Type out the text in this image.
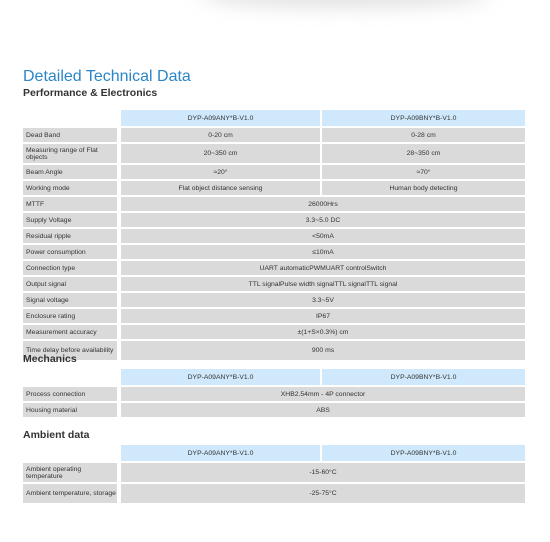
Detailed Technical Data
Performance & Electronics
DYP-A09ANY*B-V1.0	DYP-A09BNY*B-V1.0
Dead Band	0-20 cm	0-28 cm
Measuring range of Flat objects	20~350 cm	28~350 cm
Beam Angle	≈20°	≈70°
Working mode	Flat object distance sensing	Human body detecting
MTTF	26000Hrs
Supply Voltage	3.3~5.0 DC
Residual ripple	<50mA
Power consumption	≤10mA
Connection type	UART automatic PWM UART control Switch
Output signal	TTL signal Pulse width signal TTL signal TTL signal
Signal voltage	3.3~5V
Enclosure rating	IP67
Measurement accuracy	±(1+S×0.3%) cm
Time delay before availability	900 ms
Mechanics
DYP-A09ANY*B-V1.0	DYP-A09BNY*B-V1.0
Process connection	XHB2.54mm - 4P connector
Housing material	ABS
Ambient data
DYP-A09ANY*B-V1.0	DYP-A09BNY*B-V1.0
Ambient operating temperature	-15-60°C
Ambient temperature, storage	-25-75°C
